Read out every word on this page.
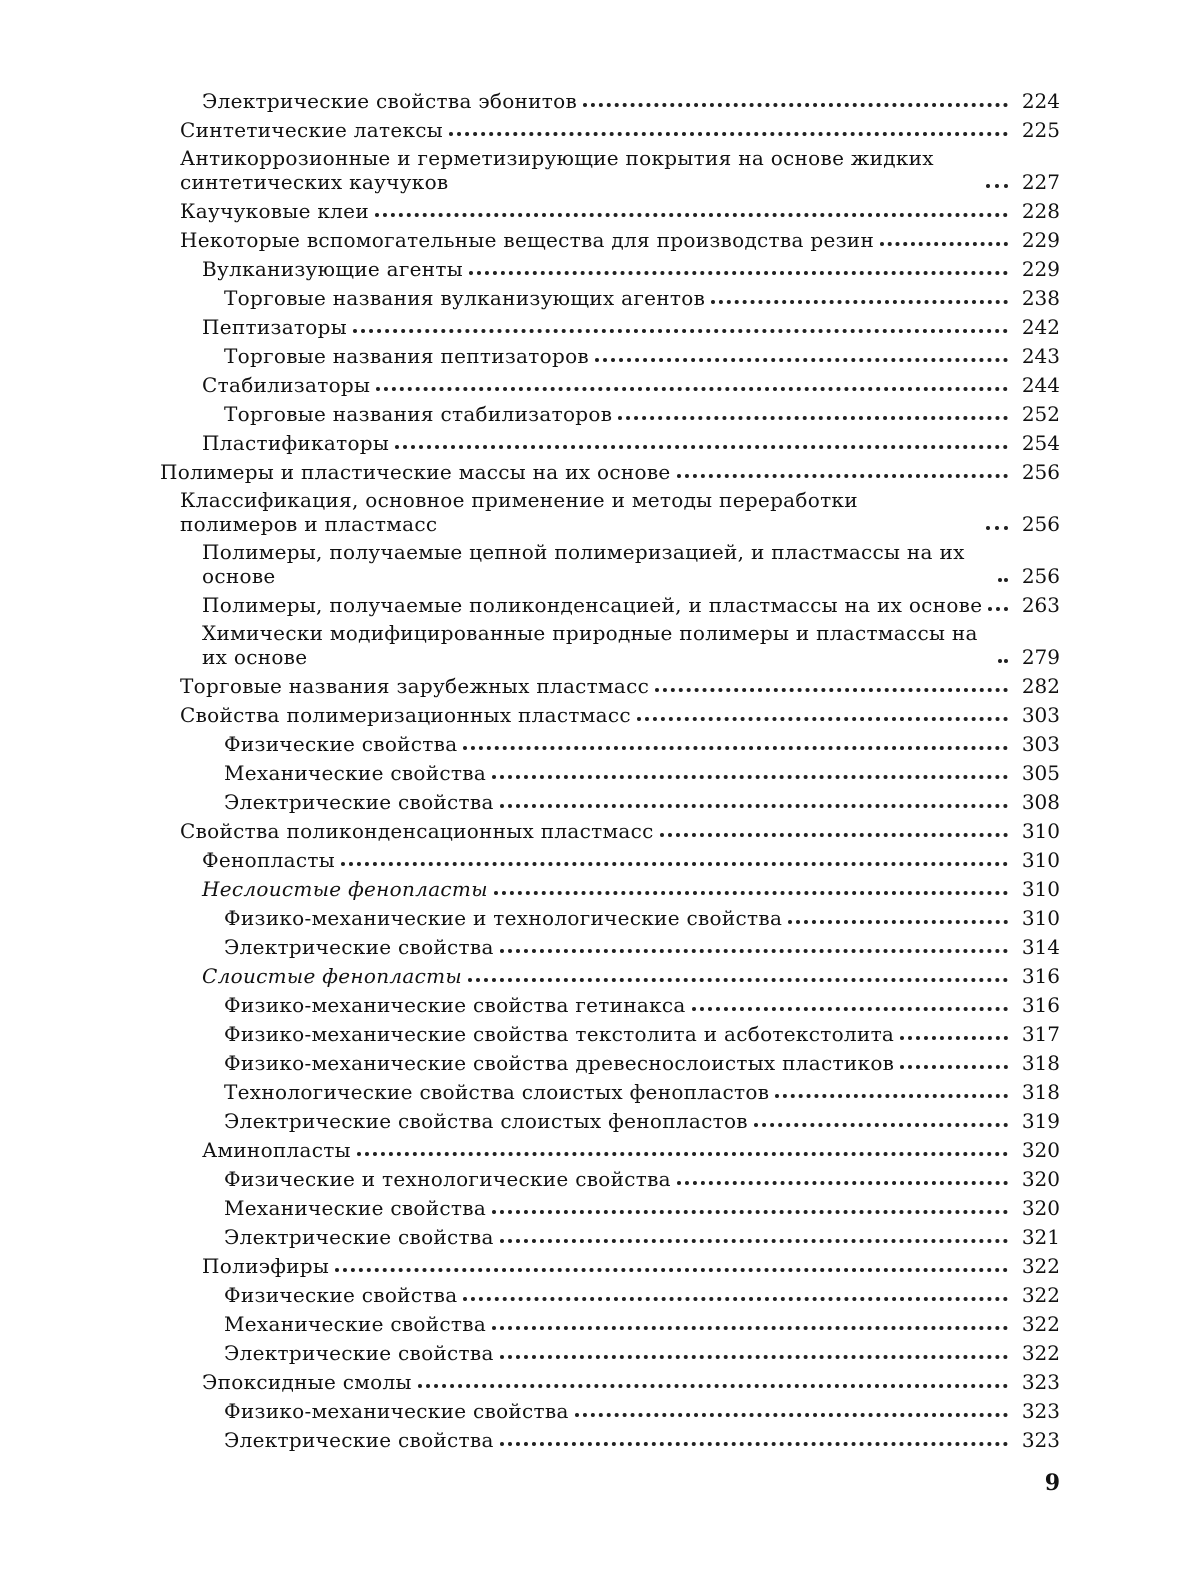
Электрические свойства эбонитов	224
Синтетические латексы	225
Антикоррозионные и герметизирующие покрытия на основе жидких синтетических каучуков	227
Каучуковые клеи	228
Некоторые вспомогательные вещества для производства резин	229
Вулканизующие агенты	229
Торговые названия вулканизующих агентов	238
Пептизаторы	242
Торговые названия пептизаторов	243
Стабилизаторы	244
Торговые названия стабилизаторов	252
Пластификаторы	254
Полимеры и пластические массы на их основе	256
Классификация, основное применение и методы переработки полимеров и пластмасс	256
Полимеры, получаемые цепной полимеризацией, и пластмассы на их основе	256
Полимеры, получаемые поликонденсацией, и пластмассы на их основе	263
Химически модифицированные природные полимеры и пластмассы на их основе	279
Торговые названия зарубежных пластмасс	282
Свойства полимеризационных пластмасс	303
Физические свойства	303
Механические свойства	305
Электрические свойства	308
Свойства поликонденсационных пластмасс	310
Фенопласты	310
Неслоистые фенопласты	310
Физико-механические и технологические свойства	310
Электрические свойства	314
Слоистые фенопласты	316
Физико-механические свойства гетинакса	316
Физико-механические свойства текстолита и асботекстолита	317
Физико-механические свойства древеснослоистых пластиков	318
Технологические свойства слоистых фенопластов	318
Электрические свойства слоистых фенопластов	319
Аминопласты	320
Физические и технологические свойства	320
Механические свойства	320
Электрические свойства	321
Полиэфиры	322
Физические свойства	322
Механические свойства	322
Электрические свойства	322
Эпоксидные смолы	323
Физико-механические свойства	323
Электрические свойства	323
9
